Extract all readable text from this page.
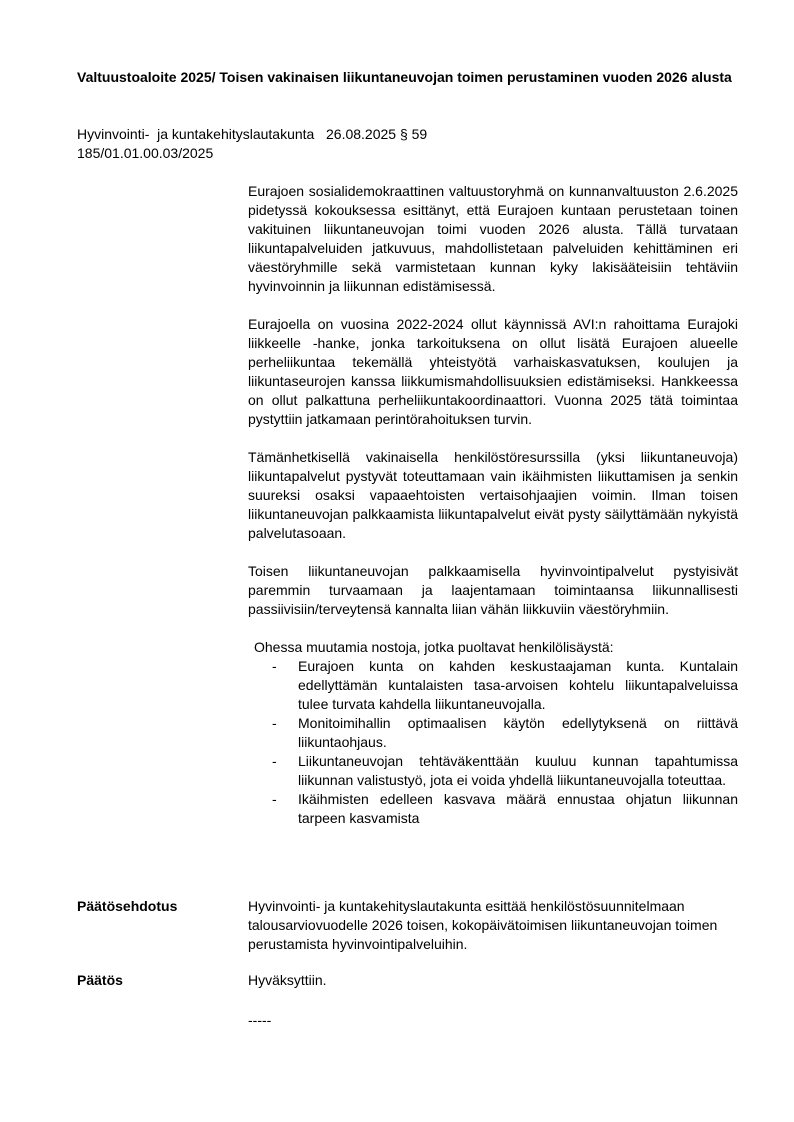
Valtuustoaloite 2025/ Toisen vakinaisen liikuntaneuvojan toimen perustaminen vuoden 2026 alusta
Hyvinvointi-  ja kuntakehityslautakunta   26.08.2025 § 59
185/01.01.00.03/2025

Eurajoen sosialidemokraattinen valtuustoryhmä on kunnanvaltuuston 2.6.2025 pidetyssä kokouksessa esittänyt, että Eurajoen kuntaan perustetaan toinen vakituinen liikuntaneuvojan toimi vuoden 2026 alusta. Tällä turvataan liikuntapalveluiden jatkuvuus, mahdollistetaan palveluiden kehittäminen eri väestöryhmille sekä varmistetaan kunnan kyky lakisääteisiin tehtäviin hyvinvoinnin ja liikunnan edistämisessä.

Eurajoella on vuosina 2022-2024 ollut käynnissä AVI:n rahoittama Eurajoki liikkeelle -hanke, jonka tarkoituksena on ollut lisätä Eurajoen alueelle perheliikuntaa tekemällä yhteistyötä varhaiskasvatuksen, koulujen ja liikuntaseurojen kanssa liikkumismahdollisuuksien edistämiseksi. Hankkeessa on ollut palkattuna perheliikuntakoordinaattori. Vuonna 2025 tätä toimintaa pystyttiin jatkamaan perintörahoituksen turvin.

Tämänhetkisellä vakinaisella henkilöstöresurssilla (yksi liikuntaneuvoja) liikuntapalvelut pystyvät toteuttamaan vain ikäihmisten liikuttamisen ja senkin suureksi osaksi vapaaehtoisten vertaisohjaajien voimin. Ilman toisen liikuntaneuvojan palkkaamista liikuntapalvelut eivät pysty säilyttämään nykyistä palvelutasoaan.

Toisen liikuntaneuvojan palkkaamisella hyvinvointipalvelut pystyisivät paremmin turvaamaan ja laajentamaan toimintaansa liikunnallisesti passiivisiin/terveytensä kannalta liian vähän liikkuviin väestöryhmiin.

Ohessa muutamia nostoja, jotka puoltavat henkilölisäystä:

- Eurajoen kunta on kahden keskustaajaman kunta. Kuntalain edellyttämän kuntalaisten tasa-arvoisen kohtelu liikuntapalveluissa tulee turvata kahdella liikuntaneuvojalla.
- Monitoimihallin optimaalisen käytön edellytyksenä on riittävä liikuntaohjaus.
- Liikuntaneuvojan tehtäväkenttään kuuluu kunnan tapahtumissa liikunnan valistustyö, jota ei voida yhdellä liikuntaneuvojalla toteuttaa.
- Ikäihmisten edelleen kasvava määrä ennustaa ohjatun liikunnan tarpeen kasvamista
Päätösehdotus	Hyvinvointi- ja kuntakehityslautakunta esittää henkilöstösuunnitelmaan talousarviovuodelle 2026 toisen, kokopäivätoimisen liikuntaneuvojan toimen perustamista hyvinvointipalveluihin.
Päätös	Hyväksyttiin.
-----
